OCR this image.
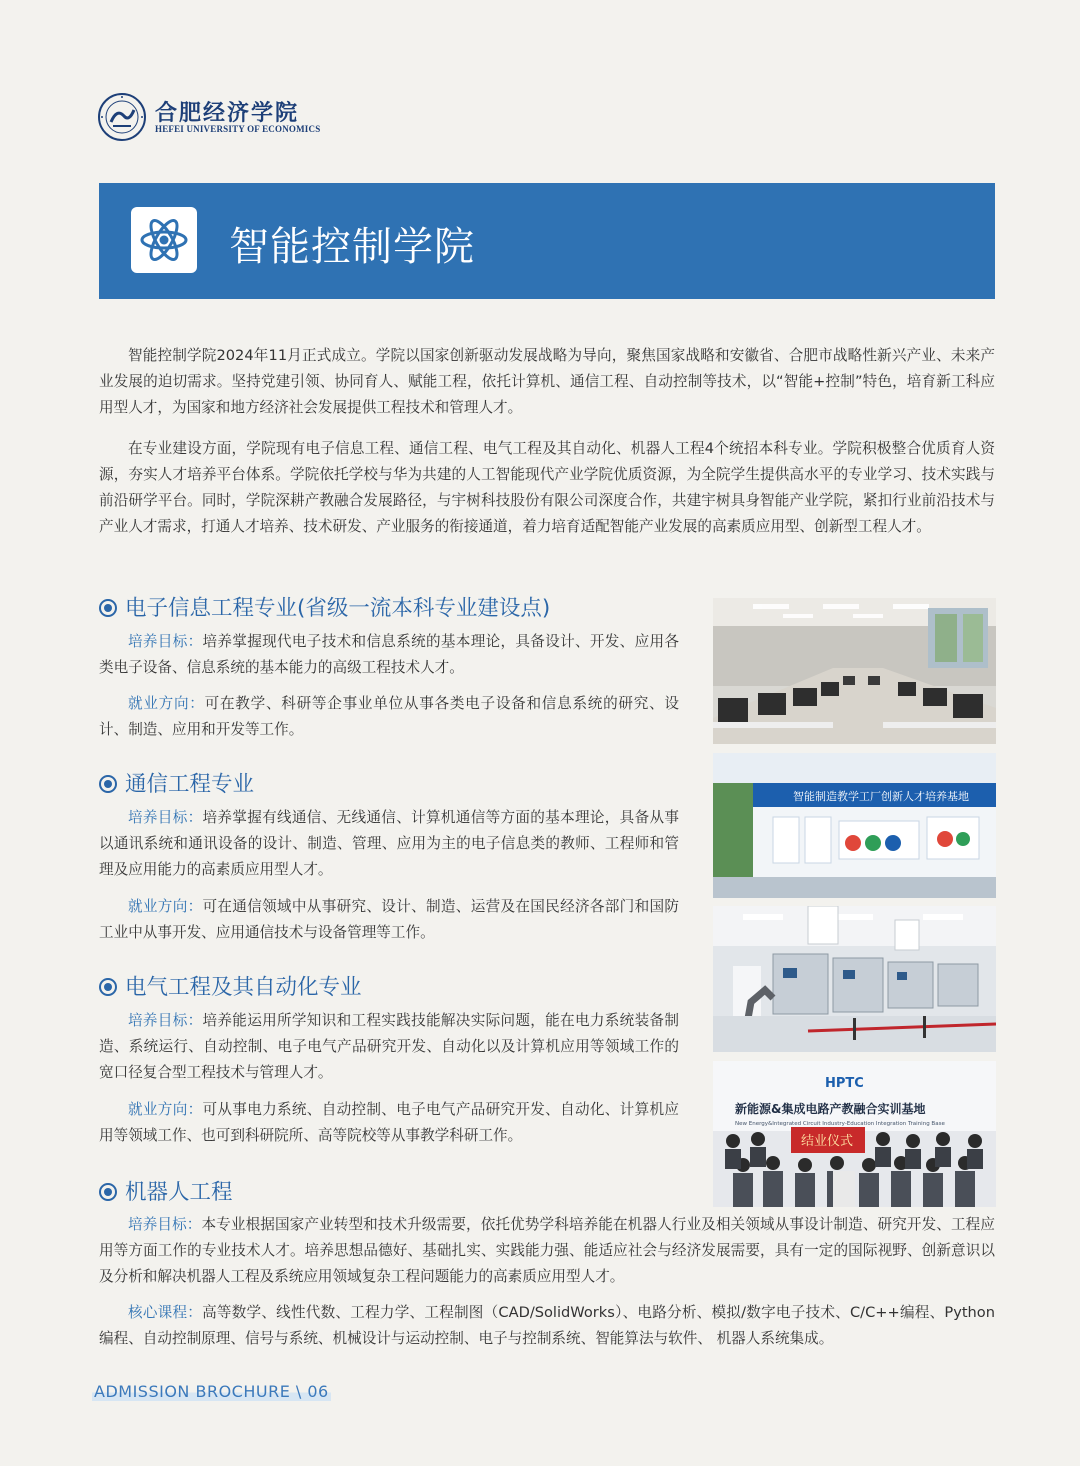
合肥经济学院
HEFEI UNIVERSITY OF ECONOMICS
智能控制学院

智能控制学院2024年11月正式成立。学院以国家创新驱动发展战略为导向，聚焦国家战略和安徽省、合肥市战略性新兴产业、未来产业发展的迫切需求。坚持党建引领、协同育人、赋能工程，依托计算机、通信工程、自动控制等技术，以“智能+控制”特色，培育新工科应用型人才，为国家和地方经济社会发展提供工程技术和管理人才。

在专业建设方面，学院现有电子信息工程、通信工程、电气工程及其自动化、机器人工程4个统招本科专业。学院积极整合优质育人资源，夯实人才培养平台体系。学院依托学校与华为共建的人工智能现代产业学院优质资源，为全院学生提供高水平的专业学习、技术实践与前沿研学平台。同时，学院深耕产教融合发展路径，与宇树科技股份有限公司深度合作，共建宇树具身智能产业学院，紧扣行业前沿技术与产业人才需求，打通人才培养、技术研发、产业服务的衔接通道，着力培育适配智能产业发展的高素质应用型、创新型工程人才。

电子信息工程专业(省级一流本科专业建设点)

培养目标：培养掌握现代电子技术和信息系统的基本理论，具备设计、开发、应用各类电子设备、信息系统的基本能力的高级工程技术人才。

就业方向：可在教学、科研等企事业单位从事各类电子设备和信息系统的研究、设计、制造、应用和开发等工作。

通信工程专业

培养目标：培养掌握有线通信、无线通信、计算机通信等方面的基本理论，具备从事以通讯系统和通讯设备的设计、制造、管理、应用为主的电子信息类的教师、工程师和管理及应用能力的高素质应用型人才。

就业方向：可在通信领域中从事研究、设计、制造、运营及在国民经济各部门和国防工业中从事开发、应用通信技术与设备管理等工作。

电气工程及其自动化专业

培养目标：培养能运用所学知识和工程实践技能解决实际问题，能在电力系统装备制造、系统运行、自动控制、电子电气产品研究开发、自动化以及计算机应用等领域工作的宽口径复合型工程技术与管理人才。

就业方向：可从事电力系统、自动控制、电子电气产品研究开发、自动化、计算机应用等领域工作、也可到科研院所、高等院校等从事教学科研工作。

机器人工程

培养目标：本专业根据国家产业转型和技术升级需要，依托优势学科培养能在机器人行业及相关领域从事设计制造、研究开发、工程应用等方面工作的专业技术人才。培养思想品德好、基础扎实、实践能力强、能适应社会与经济发展需要，具有一定的国际视野、创新意识以及分析和解决机器人工程及系统应用领域复杂工程问题能力的高素质应用型人才。

核心课程：高等数学、线性代数、工程力学、工程制图（CAD/SolidWorks）、电路分析、模拟/数字电子技术、C/C++编程、Python编程、自动控制原理、信号与系统、机械设计与运动控制、电子与控制系统、智能算法与软件、 机器人系统集成。

智能制造教学工厂创新人才培养基地
HPTC
新能源&集成电路产教融合实训基地
New Energy&Integrated Circuit Industry-Education Integration Training Base
结业仪式
ADMISSION BROCHURE \ 06
